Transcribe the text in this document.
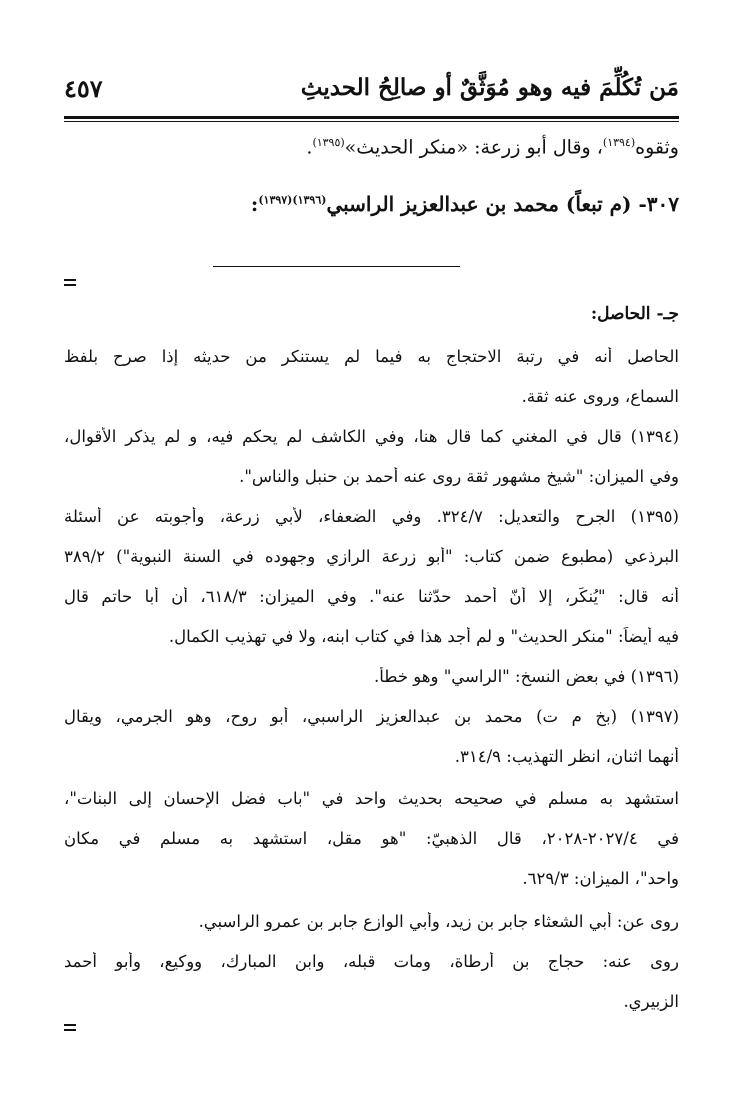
مَن تُكُلِّمَ فيه وهو مُوَثَّقٌ أو صالِحُ الحديثِ
٤٥٧
وثقوه$^{(١٣٩٤)}$، وقال أبو زرعة: «منكر الحديث»$^{(١٣٩٥)}$.
٣٠٧- (م تبعاً) محمد بن عبدالعزيز الراسبي$^{(١٣٩٦)(١٣٩٧)}$:
جـ- الحاصل:
الحاصل أنه في رتبة الاحتجاج به فيما لم يستنكر من حديثه إذا صرح بلفظ
السماع، وروى عنه ثقة.
(١٣٩٤) قال في المغني كما قال هنا، وفي الكاشف لم يحكم فيه، و لم يذكر الأقوال،
وفي الميزان: "شيخ مشهور ثقة روى عنه أحمد بن حنبل والناس".
(١٣٩٥) الجرح والتعديل: ٣٢٤/٧. وفي الضعفاء، لأبي زرعة، وأجوبته عن أسئلة
البرذعي (مطبوع ضمن كتاب: "أبو زرعة الرازي وجهوده في السنة النبوية") ٣٨٩/٢
أنه قال: "يُنكَر، إلا أنّ أحمد حدّثنا عنه". وفي الميزان: ٦١٨/٣، أن أبا حاتم قال
فيه أيضاً: "منكر الحديث" و لم أجد هذا في كتاب ابنه، ولا في تهذيب الكمال.
(١٣٩٦) في بعض النسخ: "الراسي" وهو خطأ.
(١٣٩٧) (بخ م ت) محمد بن عبدالعزيز الراسبي، أبو روح، وهو الجرمي، ويقال
أنهما اثنان، انظر التهذيب: ٣١٤/٩.
استشهد به مسلم في صحيحه بحديث واحد في "باب فضل الإحسان إلى البنات"،
في ٢٠٢٧/٤-٢٠٢٨، قال الذهبيّ: "هو مقل، استشهد به مسلم في مكان
واحد"، الميزان: ٦٢٩/٣.
روى عن: أبي الشعثاء جابر بن زيد، وأبي الوازع جابر بن عمرو الراسبي.
روى عنه: حجاج بن أرطاة، ومات قبله، وابن المبارك، ووكيع، وأبو أحمد
الزبيري.
